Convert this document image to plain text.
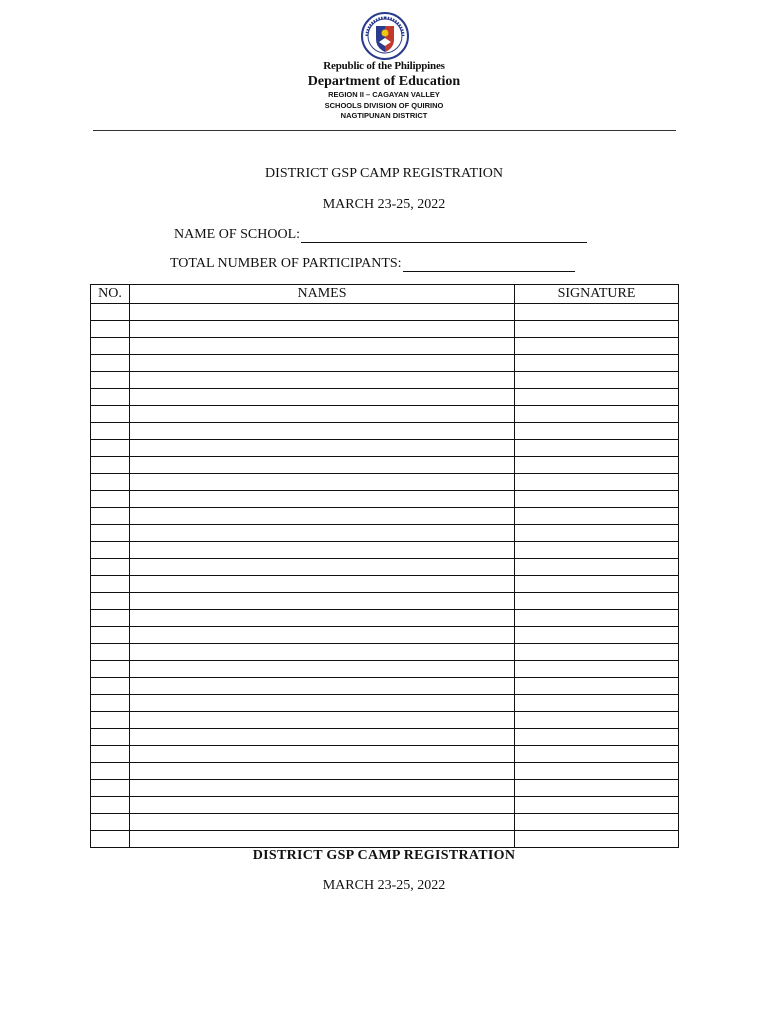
Republic of the Philippines
Department of Education
REGION II – CAGAYAN VALLEY
SCHOOLS DIVISION OF QUIRINO
NAGTIPUNAN DISTRICT
DISTRICT GSP CAMP REGISTRATION
MARCH 23-25, 2022
NAME OF SCHOOL:
TOTAL NUMBER OF PARTICIPANTS:
NO.	NAMES	SIGNATURE

DISTRICT GSP CAMP REGISTRATION
MARCH 23-25, 2022
